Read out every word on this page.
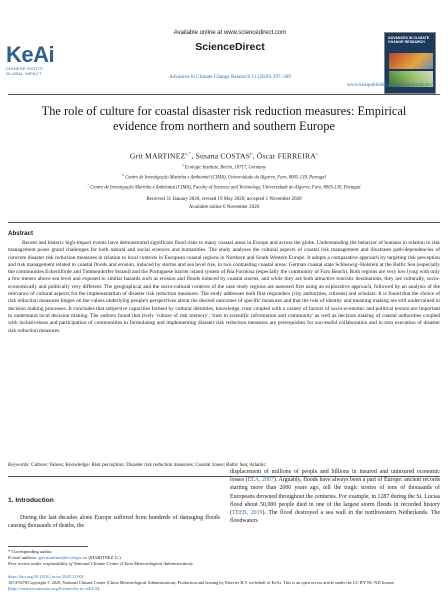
KeAi
CHINESE ROOTS
GLOBAL IMPACT
Available online at www.sciencedirect.com
ScienceDirect
Advances in Climate Change Research 11 (2020) 297–309
ADVANCES IN CLIMATE CHANGE RESEARCH
www.keaipublishing.com/en/journals/accr/
The role of culture for coastal disaster risk reduction measures: Empirical evidence from northern and southern Europe
Grit $MARTINEZ^{a,*}$, Susana COSTAS$^b$, Óscar FERREIRA$^c$
$^a$ Ecologic Institute, Berlin, 10717, Germany
$^b$ Centro de Investigação Marinha e Ambiental (CIMA), Universidade do Algarve, Faro, 8005-139, Portugal
$^c$ Centro de Investigação Marinha e Ambiental (CIMA), Faculty of Sciences and Technology, Universidade do Algarve, Faro, 8005-139, Portugal
Received 31 January 2020; revised 19 May 2020; accepted 1 November 2020
Available online 6 November 2020
Abstract
Recent and historic high-impact events have demonstrated significant flood risks to many coastal areas in Europe and across the globe. Understanding the behavior of humans in relation to risk management poses grand challenges for both natural and social sciences and humanities. The study analyses the cultural aspects of coastal risk management and illustrates path-dependencies of concrete disaster risk reduction measures in relation to local contexts in European coastal regions in Northern and South Western Europe. It adopts a comparative approach by targeting risk perception and risk management related to coastal floods and erosion, induced by storms and sea level rise, in two contrasting coastal areas: German coastal state Schleswig–Holstein at the Baltic Sea (especially the communities Eckernförde and Timmendorfer Strand) and the Portuguese barrier island system of Ria Formosa (especially the community of Faro Beach). Both regions are very low lying with only a few meters above sea level and exposed to similar hazards such as erosion and floods induced by coastal storms, and while they are both attractive touristic destinations, they are culturally, socio-economically and politically very different. The geographical and the socio-cultural contexts of the case study regions are assessed first using an explorative approach, followed by an analysis of the relevance of cultural aspects for the implementation of disaster risk reduction measures. The study addresses both first responders (city authorities, citizens) and scholars. It is found that the choice of risk reduction measures hinges on the values underlying people's perspectives about the desired outcomes of specific measures and that the role of identity and meaning making are still undervalued in decision making processes. It concludes that subjective capacities formed by cultural identities, knowledge, trust coupled with a variety of factors of socio-economic and political texture are important to understand local decision making. The authors found that lively 'culture of risk memory', 'trust in scientific information and community' as well as decision making of coastal authorities coupled with inclusiveness and participation of communities in formulating and implementing disaster risk reduction measures are prerequisites for successful collaboration and in turn execution of disaster risk reduction measures.
Keywords: Culture; Values; Knowledge; Risk perception; Disaster risk reduction measures; Coastal zones; Baltic Sea; Atlantic
1. Introduction
During the last decades alone Europe suffered from hundreds of damaging floods causing thousands of deaths, the
* Corresponding author.
E-mail address: grit.martinez@ecologic.eu (MARTINEZ G.).
Peer review under responsibility of National Climate Center (China Meteorological Administration).
displacement of millions of people and billions in insured and uninsured economic losses (EEA, 2007). Arguably, floods have always been a part of Europe: ancient records starting more than 2000 years ago, tell the tragic stories of tens of thousands of Europeans drowned throughout the centuries. For example, in 1287 during the St. Lucias flood about 50,000 people died in one of the largest storm floods in recorded history (TEEB, 2019). The flood destroyed a sea wall in the northwestern Netherlands. The floodwaters
https://doi.org/10.1016/j.accre.2020.11.001
1674-9278/Copyright © 2020, National Climate Center (China Meteorological Administration). Production and hosting by Elsevier B.V. on behalf of KeAi. This is an open access article under the CC BY-NC-ND license (http://creativecommons.org/licenses/by-nc-nd/4.0/).
